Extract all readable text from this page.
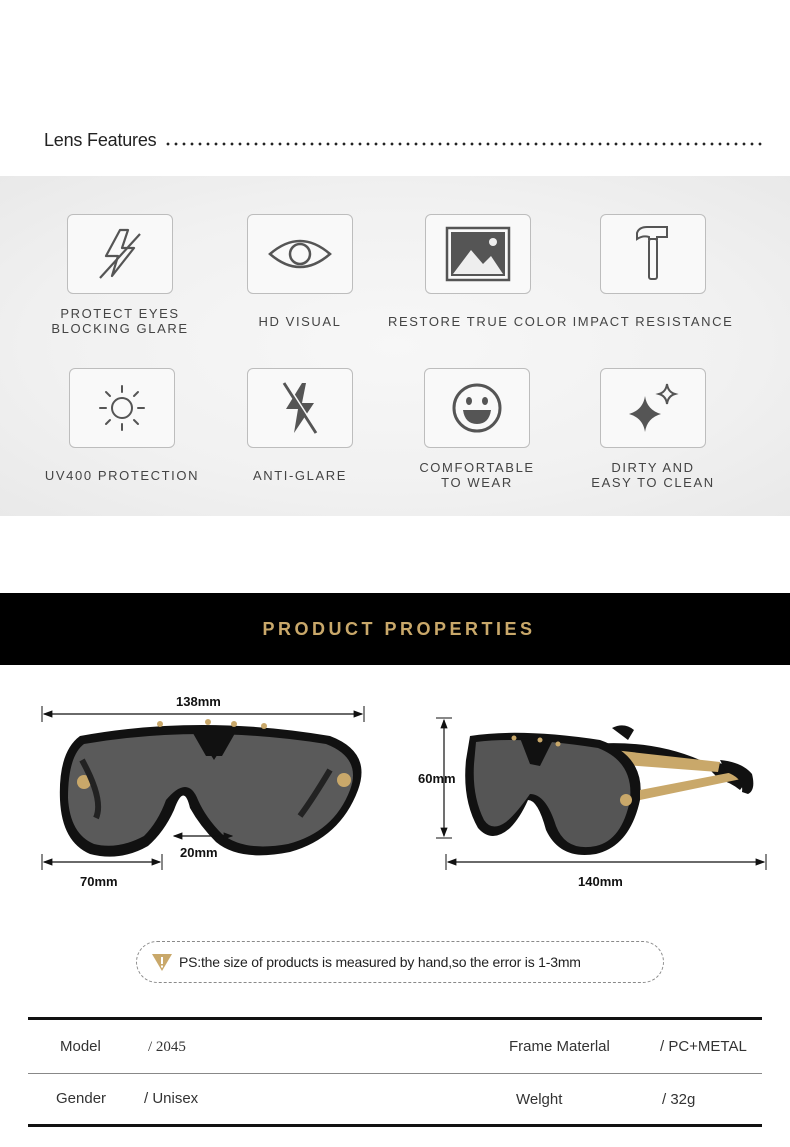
Lens Features
PROTECT EYES
BLOCKING GLARE	HD VISUAL	RESTORE TRUE COLOR IMPACT RESISTANCE
UV400 PROTECTION	ANTI-GLARE
COMFORTABLE
TO WEAR
DIRTY AND
EASY TO CLEAN
PRODUCT PROPERTIES
138mm
20mm
70mm
60mm
140mm
PS:the size of products is measured by hand,so the error is 1-3mm
Model	/ 2045	Frame Materlal	/ PC+METAL
Gender	/ Unisex	Welght	/ 32g
